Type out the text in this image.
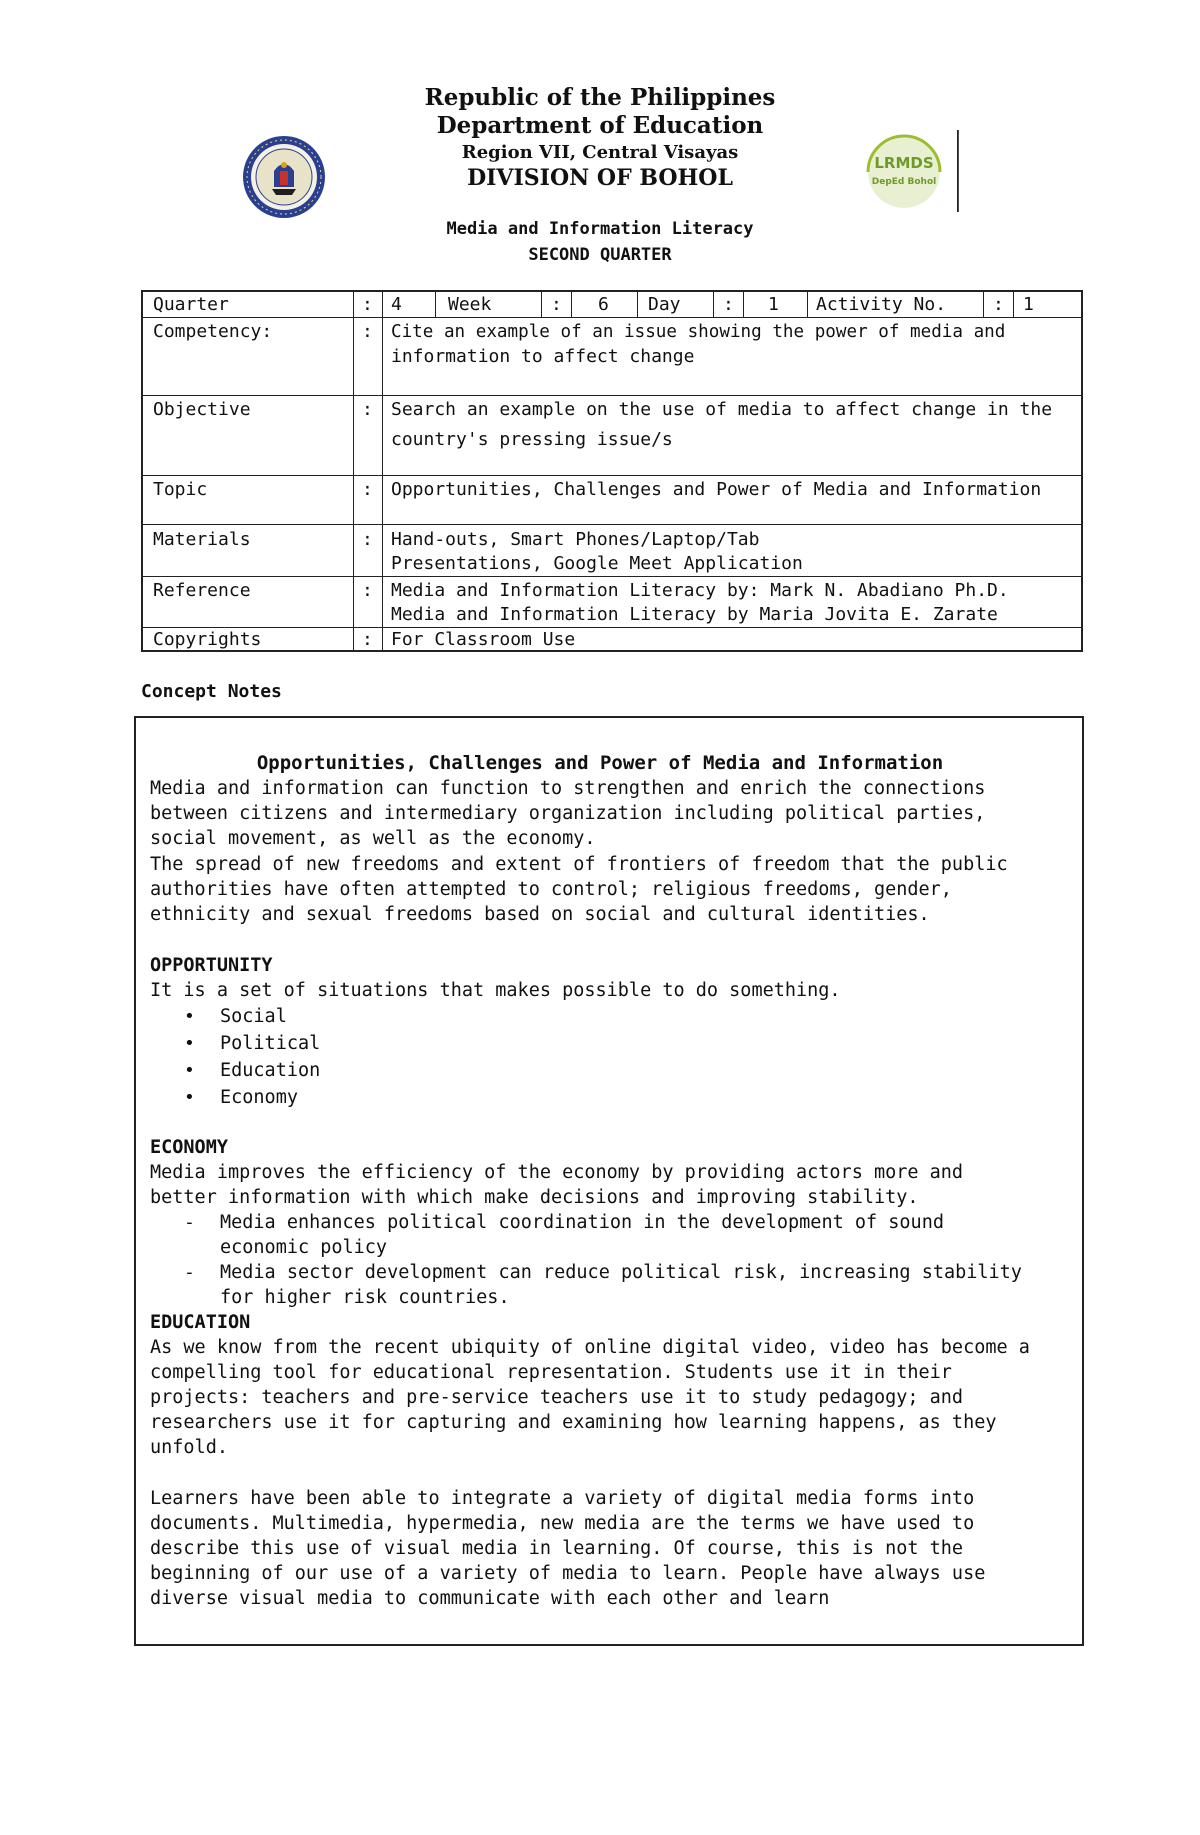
Republic of the Philippines
Department of Education
Region VII, Central Visayas
DIVISION OF BOHOL
Media and Information Literacy
SECOND QUARTER
LRMDS
DepEd Bohol
Quarter	: 4	Week	: 6 Day : 1 Activity No.	: 1
Competency:	: Cite an example of an issue showing the power of media and
information to affect change
Objective	: Search an example on the use of media to affect change in the
country's pressing issue/s
Topic	: Opportunities, Challenges and Power of Media and Information
Materials	: Hand-outs, Smart Phones/Laptop/Tab
Presentations, Google Meet Application
Reference	: Media and Information Literacy by: Mark N. Abadiano Ph.D.
Media and Information Literacy by Maria Jovita E. Zarate
Copyrights	: For Classroom Use
Concept Notes
Opportunities, Challenges and Power of Media and Information
Media and information can function to strengthen and enrich the connections
between citizens and intermediary organization including political parties,
social movement, as well as the economy.
The spread of new freedoms and extent of frontiers of freedom that the public
authorities have often attempted to control; religious freedoms, gender,
ethnicity and sexual freedoms based on social and cultural identities.
OPPORTUNITY
It is a set of situations that makes possible to do something.
• Social
• Political
• Education
• Economy
ECONOMY
Media improves the efficiency of the economy by providing actors more and
better information with which make decisions and improving stability.
- Media enhances political coordination in the development of sound
economic policy
- Media sector development can reduce political risk, increasing stability
for higher risk countries.
EDUCATION
As we know from the recent ubiquity of online digital video, video has become a
compelling tool for educational representation. Students use it in their
projects: teachers and pre-service teachers use it to study pedagogy; and
researchers use it for capturing and examining how learning happens, as they
unfold.
Learners have been able to integrate a variety of digital media forms into
documents. Multimedia, hypermedia, new media are the terms we have used to
describe this use of visual media in learning. Of course, this is not the
beginning of our use of a variety of media to learn. People have always use
diverse visual media to communicate with each other and learn
